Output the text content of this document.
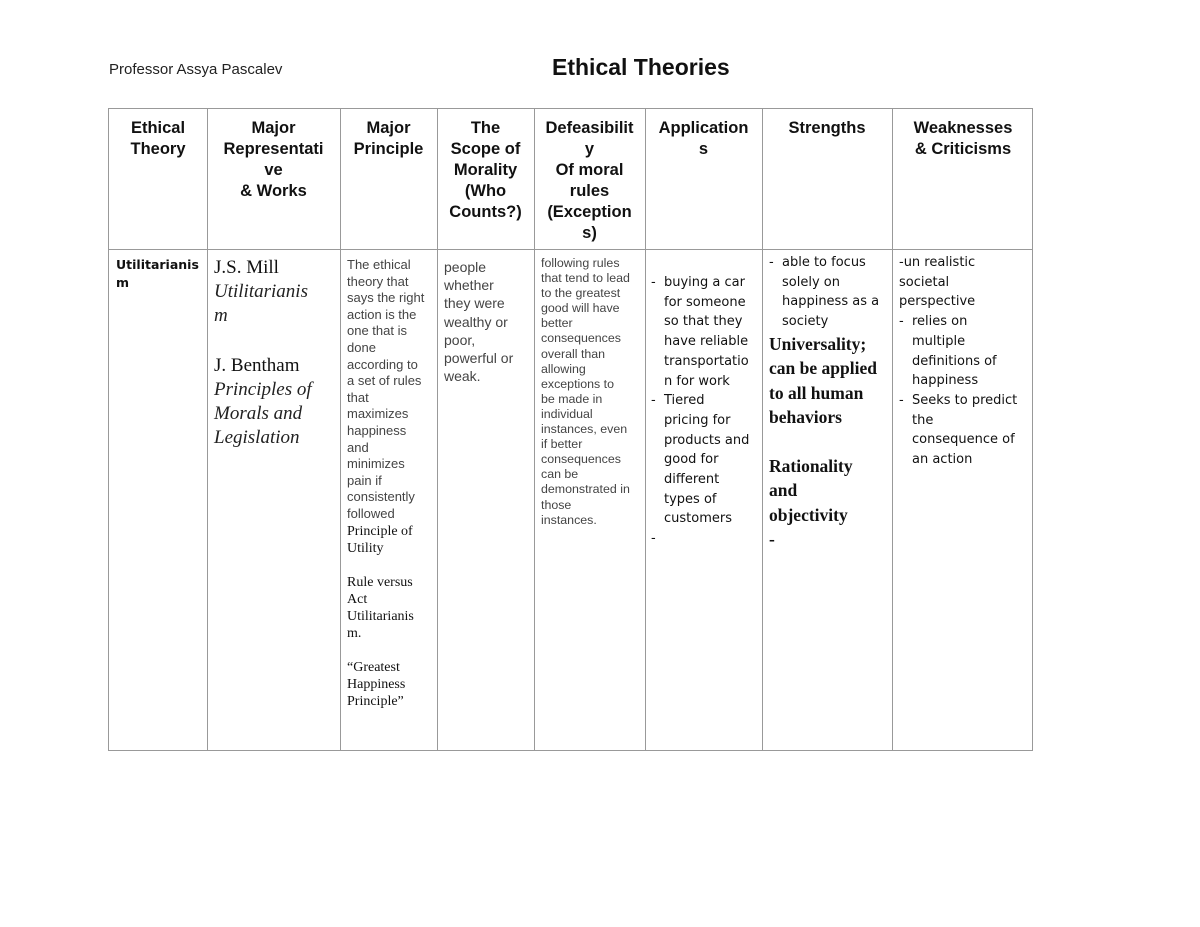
Professor Assya Pascalev	Ethical Theories
Ethical
Theory
Major
Representati
ve
& Works
Major
Principle
The
Scope of
Morality
(Who
Counts?)
Defeasibilit
y
Of moral
rules
(Exception
s)
Application
s
Strengths	Weaknesses
& Criticisms
Utilitarianis
m
J.S. Mill
Utilitarianis
m
J. Bentham
Principles of
Morals and
Legislation
The ethical
theory that
says the right
action is the
one that is
done
according to
a set of rules
that
maximizes
happiness
and
minimizes
pain if
consistently
followed
Principle of
Utility
Rule versus
Act
Utilitarianis
m.
“Greatest
Happiness
Principle”
people
whether
they were
wealthy or
poor,
powerful or
weak.
following rules
that tend to lead
to the greatest
good will have
better
consequences
overall than
allowing
exceptions to
be made in
individual
instances, even
if better
consequences
can be
demonstrated in
those
instances.
- buying a car
for someone
so that they
have reliable
transportatio
n for work
- Tiered
pricing for
products and
good for
different
types of
customers
-
- able to focus
solely on
happiness as a
society
Universality;
can be applied
to all human
behaviors
Rationality
and
objectivity
-
-un realistic
societal
perspective
- relies on
multiple
definitions of
happiness
- Seeks to predict
the
consequence of
an action
